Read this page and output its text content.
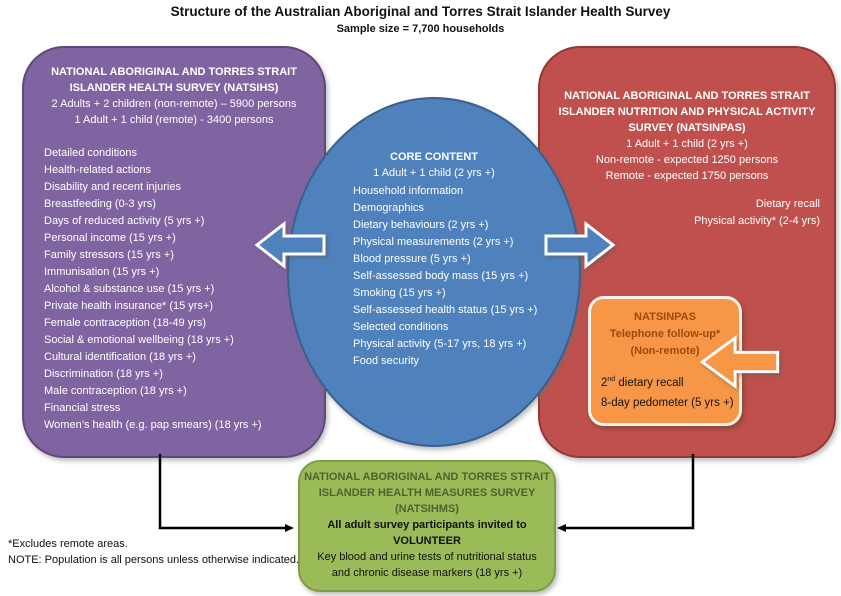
Structure of the Australian Aboriginal and Torres Strait Islander Health Survey
Sample size = 7,700 households
NATIONAL ABORIGINAL AND TORRES STRAIT
ISLANDER HEALTH SURVEY (NATSIHS)
2 Adults + 2 children (non-remote) – 5900 persons
1 Adult + 1 child (remote) - 3400 persons
Detailed conditions
Health-related actions
Disability and recent injuries
Breastfeeding (0-3 yrs)
Days of reduced activity (5 yrs +)
Personal income (15 yrs +)
Family stressors (15 yrs +)
Immunisation (15 yrs +)
Alcohol & substance use (15 yrs +)
Private health insurance* (15 yrs+)
Female contraception (18-49 yrs)
Social & emotional wellbeing (18 yrs +)
Cultural identification (18 yrs +)
Discrimination (18 yrs +)
Male contraception (18 yrs +)
Financial stress
Women’s health (e.g. pap smears) (18 yrs +)
NATIONAL ABORIGINAL AND TORRES STRAIT
ISLANDER NUTRITION AND PHYSICAL ACTIVITY
SURVEY (NATSINPAS)
1 Adult + 1 child (2 yrs +)
Non-remote - expected 1250 persons
Remote - expected 1750 persons
Dietary recall
Physical activity* (2-4 yrs)
CORE CONTENT
1 Adult + 1 child (2 yrs +)
Household information
Demographics
Dietary behaviours (2 yrs +)
Physical measurements (2 yrs +)
Blood pressure (5 yrs +)
Self-assessed body mass (15 yrs +)
Smoking (15 yrs +)
Self-assessed health status (15 yrs +)
Selected conditions
Physical activity (5-17 yrs, 18 yrs +)
Food security
NATSINPAS
Telephone follow-up*
(Non-remote)
2nd dietary recall
8-day pedometer (5 yrs +)
NATIONAL ABORIGINAL AND TORRES STRAIT
ISLANDER HEALTH MEASURES SURVEY
(NATSIHMS)
All adult survey participants invited to
VOLUNTEER
Key blood and urine tests of nutritional status
and chronic disease markers (18 yrs +)
*Excludes remote areas.
NOTE: Population is all persons unless otherwise indicated.
